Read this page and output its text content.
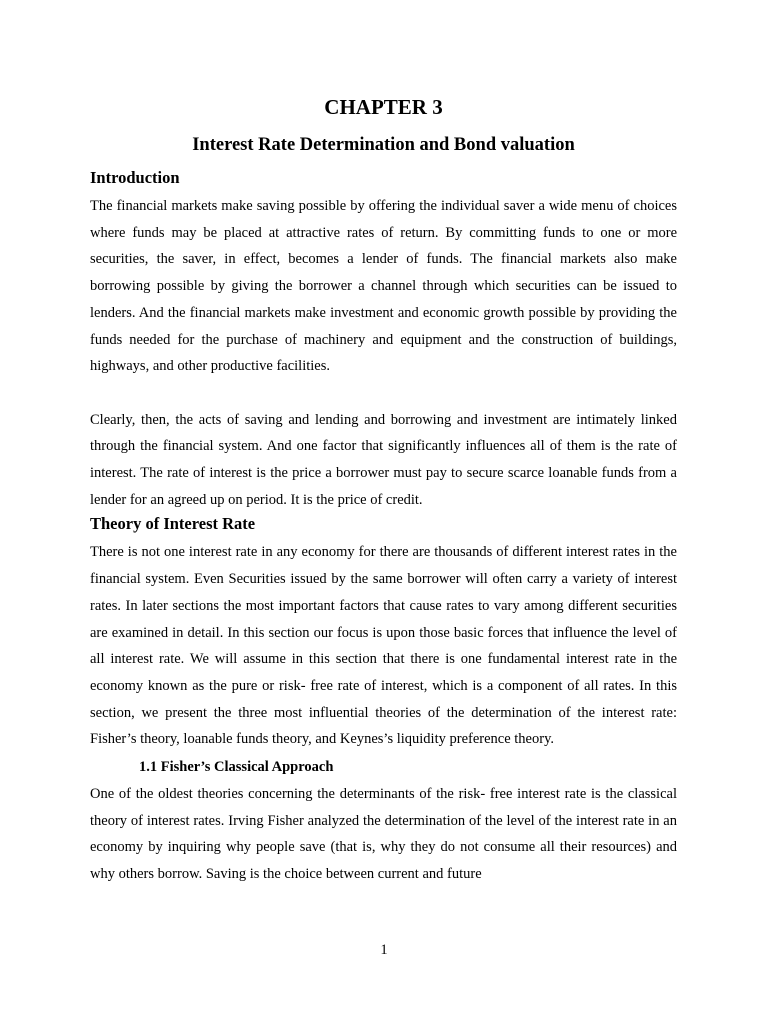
CHAPTER 3
Interest Rate Determination and Bond valuation
Introduction

The financial markets make saving possible by offering the individual saver a wide menu of choices where funds may be placed at attractive rates of return. By committing funds to one or more securities, the saver, in effect, becomes a lender of funds. The financial markets also make borrowing possible by giving the borrower a channel through which securities can be issued to lenders. And the financial markets make investment and economic growth possible by providing the funds needed for the purchase of machinery and equipment and the construction of buildings, highways, and other productive facilities.

Clearly, then, the acts of saving and lending and borrowing and investment are intimately linked through the financial system. And one factor that significantly influences all of them is the rate of interest. The rate of interest is the price a borrower must pay to secure scarce loanable funds from a lender for an agreed up on period. It is the price of credit.

Theory of Interest Rate

There is not one interest rate in any economy for there are thousands of different interest rates in the financial system. Even Securities issued by the same borrower will often carry a variety of interest rates. In later sections the most important factors that cause rates to vary among different securities are examined in detail. In this section our focus is upon those basic forces that influence the level of all interest rate. We will assume in this section that there is one fundamental interest rate in the economy known as the pure or risk- free rate of interest, which is a component of all rates. In this section, we present the three most influential theories of the determination of the interest rate: Fisher’s theory, loanable funds theory, and Keynes’s liquidity preference theory.

1.1 Fisher’s Classical Approach

One of the oldest theories concerning the determinants of the risk- free interest rate is the classical theory of interest rates. Irving Fisher analyzed the determination of the level of the interest rate in an economy by inquiring why people save (that is, why they do not consume all their resources) and why others borrow. Saving is the choice between current and future

1
